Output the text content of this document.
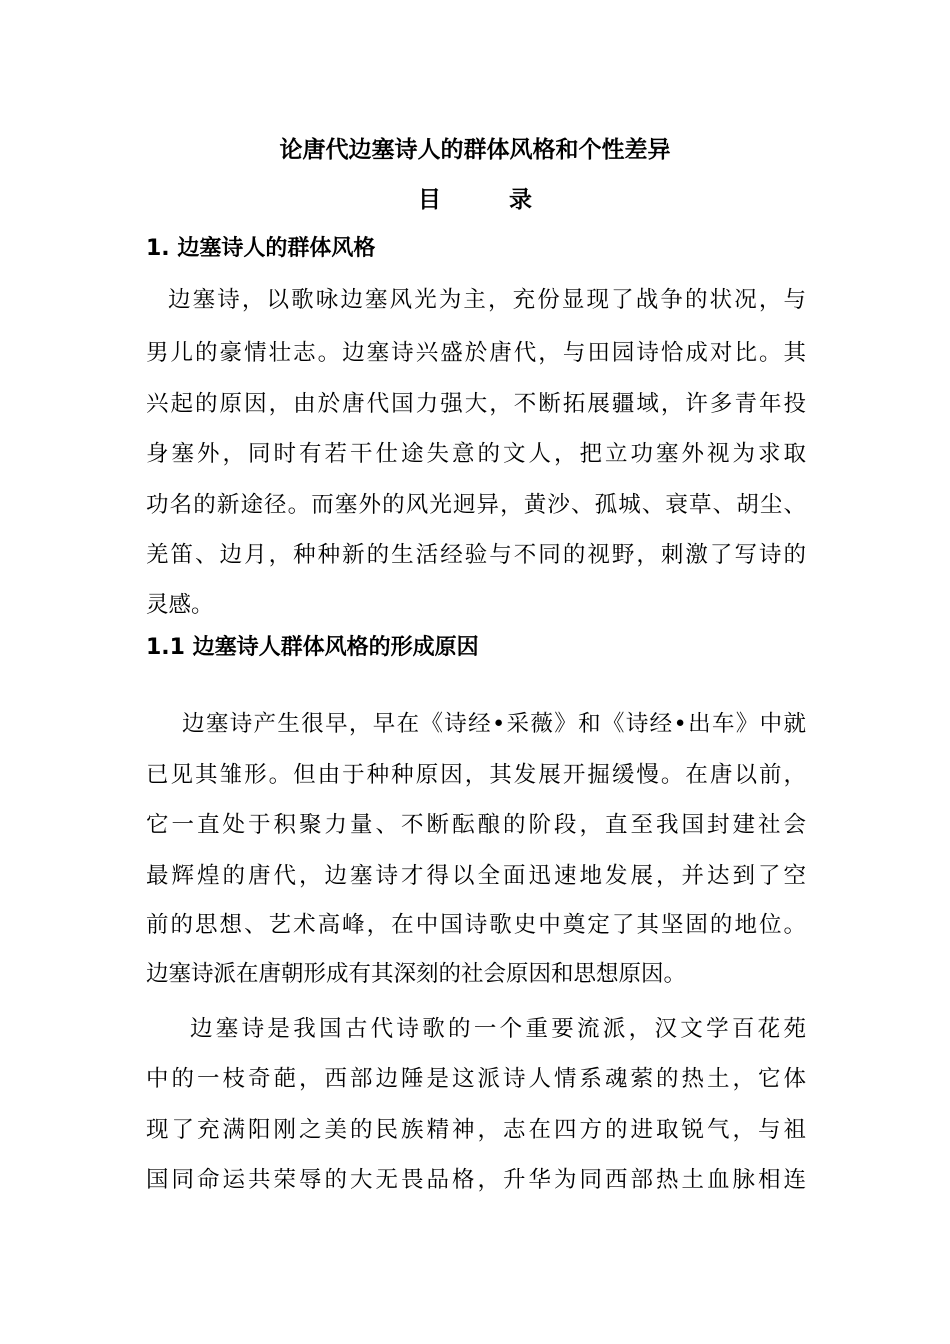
论唐代边塞诗人的群体风格和个性差异
目 录
1. 边塞诗人的群体风格
边塞诗，以歌咏边塞风光为主，充份显现了战争的状况，与
男儿的豪情壮志。边塞诗兴盛於唐代，与田园诗恰成对比。其
兴起的原因，由於唐代国力强大，不断拓展疆域，许多青年投
身塞外，同时有若干仕途失意的文人，把立功塞外视为求取
功名的新途径。而塞外的风光迥异，黄沙、孤城、衰草、胡尘、
羌笛、边月，种种新的生活经验与不同的视野，刺激了写诗的
灵感。
1.1 边塞诗人群体风格的形成原因
边塞诗产生很早，早在《诗经•采薇》和《诗经•出车》中就
已见其雏形。但由于种种原因，其发展开掘缓慢。在唐以前，
它一直处于积聚力量、不断酝酿的阶段，直至我国封建社会
最辉煌的唐代，边塞诗才得以全面迅速地发展，并达到了空
前的思想、艺术高峰，在中国诗歌史中奠定了其坚固的地位。
边塞诗派在唐朝形成有其深刻的社会原因和思想原因。
边塞诗是我国古代诗歌的一个重要流派，汉文学百花苑
中的一枝奇葩，西部边陲是这派诗人情系魂萦的热土，它体
现了充满阳刚之美的民族精神，志在四方的进取锐气，与祖
国同命运共荣辱的大无畏品格，升华为同西部热土血脉相连
